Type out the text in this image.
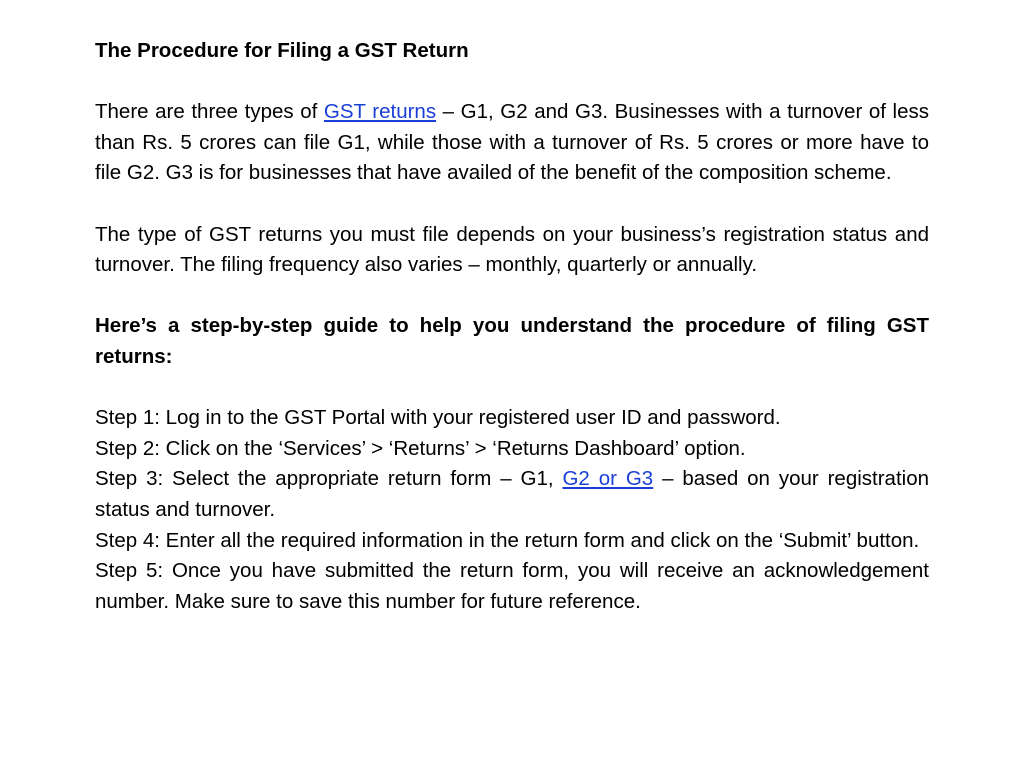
The Procedure for Filing a GST Return

There are three types of GST returns – G1, G2 and G3. Businesses with a turnover of less than Rs. 5 crores can file G1, while those with a turnover of Rs. 5 crores or more have to file G2. G3 is for businesses that have availed of the benefit of the composition scheme.

The type of GST returns you must file depends on your business’s registration status and turnover. The filing frequency also varies – monthly, quarterly or annually.

Here’s a step-by-step guide to help you understand the procedure of filing GST returns:

Step 1: Log in to the GST Portal with your registered user ID and password.

Step 2: Click on the ‘Services’ > ‘Returns’ > ‘Returns Dashboard’ option.

Step 3: Select the appropriate return form – G1, G2 or G3 – based on your registration status and turnover.

Step 4: Enter all the required information in the return form and click on the ‘Submit’ button.

Step 5: Once you have submitted the return form, you will receive an acknowledgement number. Make sure to save this number for future reference.
